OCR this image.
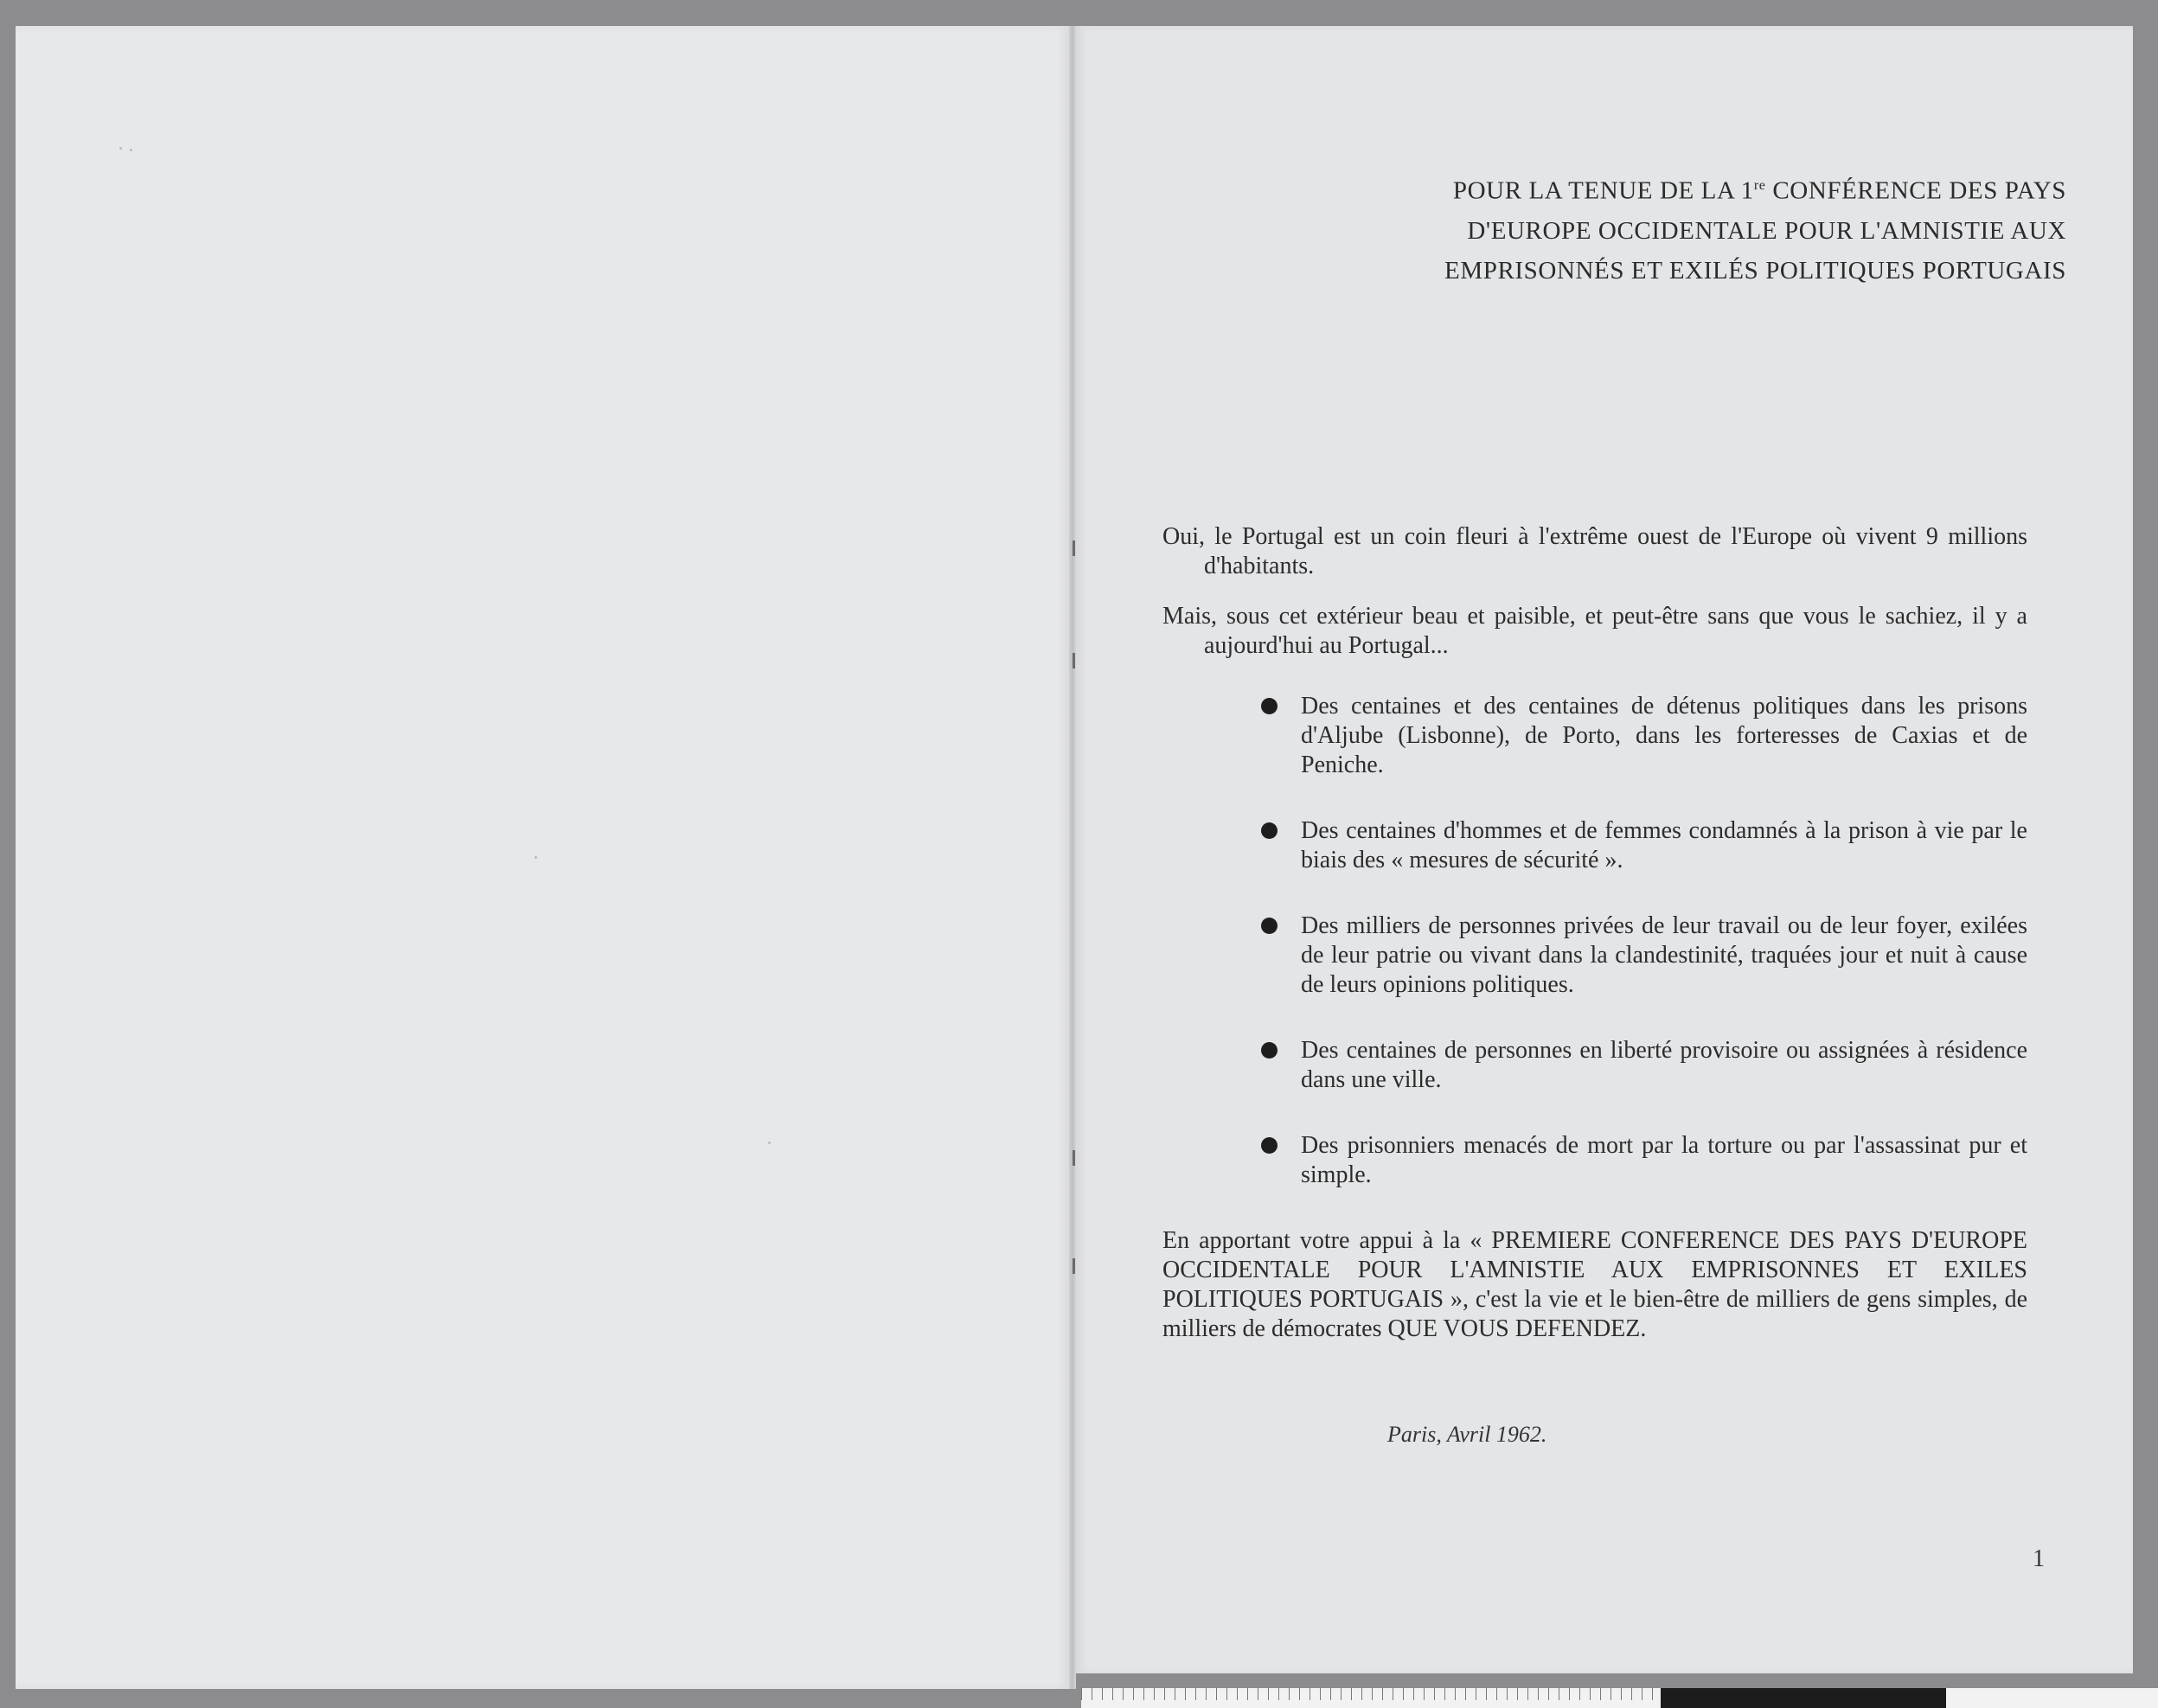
POUR LA TENUE DE LA 1re CONFÉRENCE DES PAYS
D'EUROPE OCCIDENTALE POUR L'AMNISTIE AUX
EMPRISONNÉS ET EXILÉS POLITIQUES PORTUGAIS

Oui, le Portugal est un coin fleuri à l'extrême ouest de l'Europe où vivent 9 millions d'habitants.

Mais, sous cet extérieur beau et paisible, et peut-être sans que vous le sachiez, il y a aujourd'hui au Portugal...

Des centaines et des centaines de détenus politiques dans les prisons d'Aljube (Lisbonne), de Porto, dans les forteresses de Caxias et de Peniche.
Des centaines d'hommes et de femmes condamnés à la prison à vie par le biais des « mesures de sécurité ».
Des milliers de personnes privées de leur travail ou de leur foyer, exilées de leur patrie ou vivant dans la clandestinité, traquées jour et nuit à cause de leurs opinions politiques.
Des centaines de personnes en liberté provisoire ou assignées à résidence dans une ville.
Des prisonniers menacés de mort par la torture ou par l'assassinat pur et simple.

En apportant votre appui à la « PREMIERE CONFERENCE DES PAYS D'EUROPE OCCIDENTALE POUR L'AMNISTIE AUX EMPRISONNES ET EXILES POLITIQUES PORTUGAIS », c'est la vie et le bien-être de milliers de gens simples, de milliers de démocrates QUE VOUS DEFENDEZ.

Paris, Avril 1962.
1
